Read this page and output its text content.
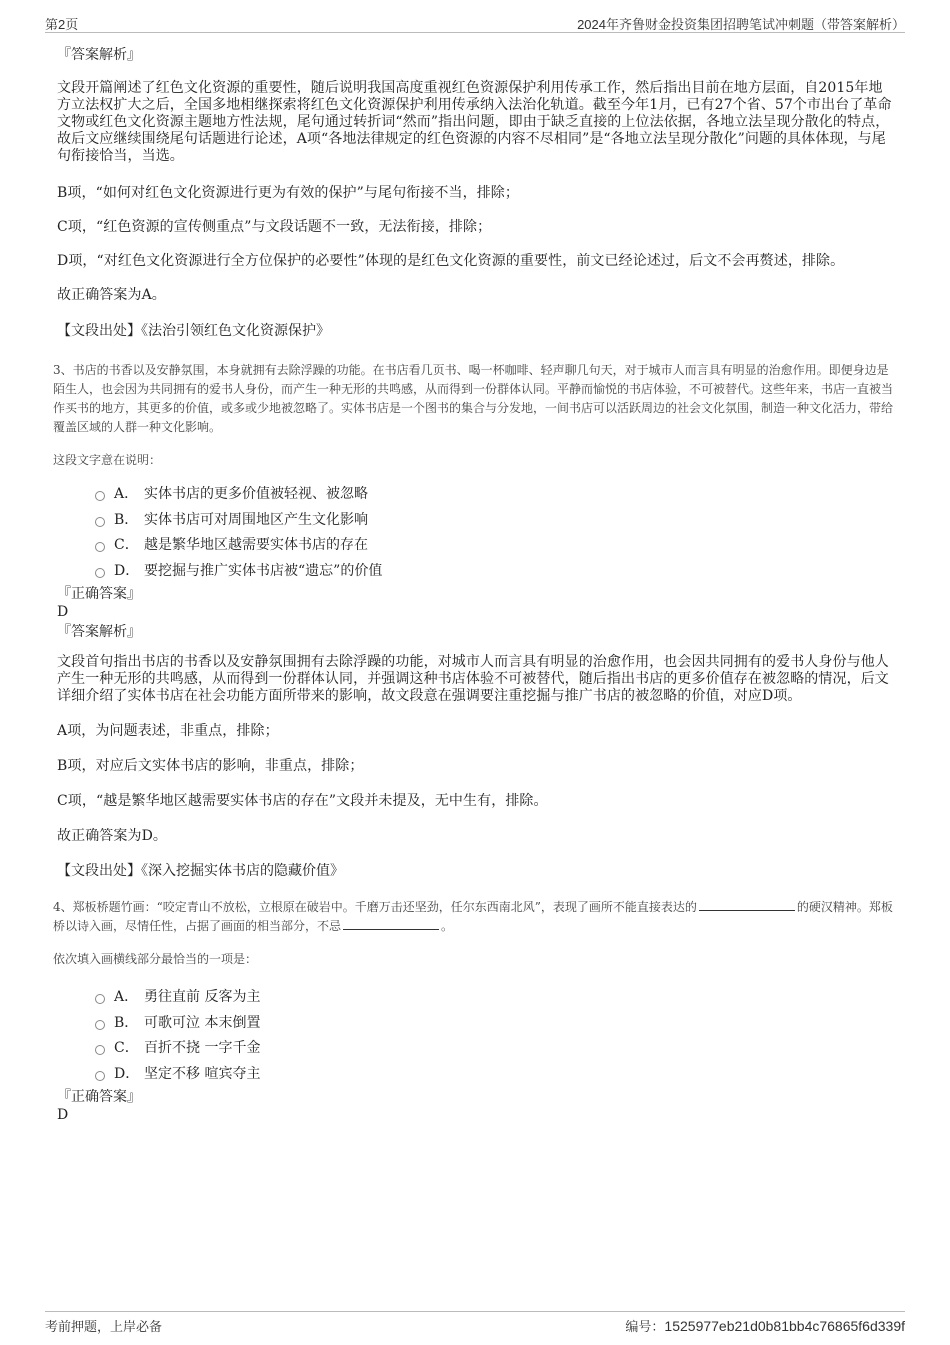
第2页	2024年齐鲁财金投资集团招聘笔试冲刺题（带答案解析）
『答案解析』
文段开篇阐述了红色文化资源的重要性，随后说明我国高度重视红色资源保护利用传承工作，然后指出目前在地方层面，自2015年地方立法权扩大之后，全国多地相继探索将红色文化资源保护利用传承纳入法治化轨道。截至今年1月，已有27个省、57个市出台了革命文物或红色文化资源主题地方性法规，尾句通过转折词“然而”指出问题，即由于缺乏直接的上位法依据，各地立法呈现分散化的特点，故后文应继续围绕尾句话题进行论述，A项“各地法律规定的红色资源的内容不尽相同”是“各地立法呈现分散化”问题的具体体现，与尾句衔接恰当，当选。
B项，“如何对红色文化资源进行更为有效的保护”与尾句衔接不当，排除；
C项，“红色资源的宣传侧重点”与文段话题不一致，无法衔接，排除；
D项，“对红色文化资源进行全方位保护的必要性”体现的是红色文化资源的重要性，前文已经论述过，后文不会再赘述，排除。
故正确答案为A。
【文段出处】《法治引领红色文化资源保护》
3、书店的书香以及安静氛围，本身就拥有去除浮躁的功能。在书店看几页书、喝一杯咖啡、轻声聊几句天，对于城市人而言具有明显的治愈作用。即便身边是陌生人，也会因为共同拥有的爱书人身份，而产生一种无形的共鸣感，从而得到一份群体认同。平静而愉悦的书店体验，不可被替代。这些年来，书店一直被当作买书的地方，其更多的价值，或多或少地被忽略了。实体书店是一个图书的集合与分发地，一间书店可以活跃周边的社会文化氛围，制造一种文化活力，带给覆盖区域的人群一种文化影响。
这段文字意在说明：
A． 实体书店的更多价值被轻视、被忽略
B． 实体书店可对周围地区产生文化影响
C． 越是繁华地区越需要实体书店的存在
D． 要挖掘与推广实体书店被“遗忘”的价值
『正确答案』
D
『答案解析』
文段首句指出书店的书香以及安静氛围拥有去除浮躁的功能，对城市人而言具有明显的治愈作用，也会因共同拥有的爱书人身份与他人产生一种无形的共鸣感，从而得到一份群体认同，并强调这种书店体验不可被替代，随后指出书店的更多价值存在被忽略的情况，后文详细介绍了实体书店在社会功能方面所带来的影响，故文段意在强调要注重挖掘与推广书店的被忽略的价值，对应D项。
A项，为问题表述，非重点，排除；
B项，对应后文实体书店的影响，非重点，排除；
C项，“越是繁华地区越需要实体书店的存在”文段并未提及，无中生有，排除。
故正确答案为D。
【文段出处】《深入挖掘实体书店的隐藏价值》
4、郑板桥题竹画：“咬定青山不放松，立根原在破岩中。千磨万击还坚劲，任尔东西南北风”，表现了画所不能直接表达的	的硬汉精神。郑板桥以诗入画，尽情任性，占据了画面的相当部分，不忌	。
依次填入画横线部分最恰当的一项是：
A． 勇往直前 反客为主
B． 可歌可泣 本末倒置
C． 百折不挠 一字千金
D． 坚定不移 喧宾夺主
『正确答案』
D
考前押题，上岸必备	编号：1525977eb21d0b81bb4c76865f6d339f
